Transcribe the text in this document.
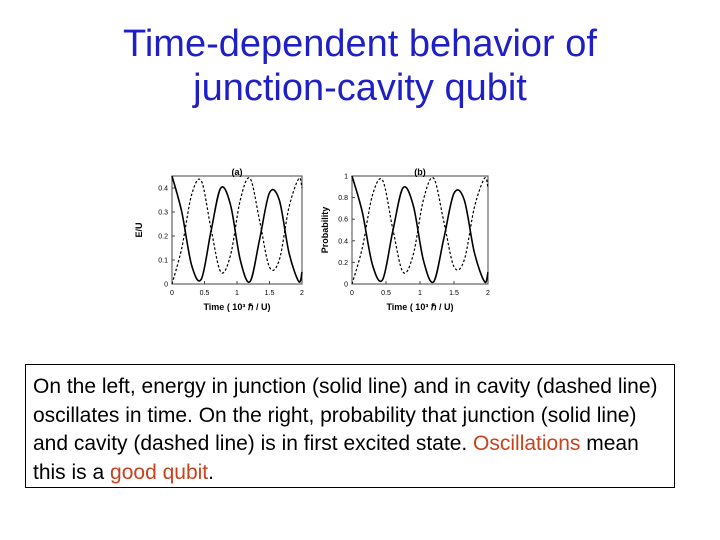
Time-dependent behavior of
junction-cavity qubit
(a)
0	0.5	1	1.5	2
0
0.1
0.2
0.3
0.4
Time ( 10³ ℏ / U)
E/U
(b)
0	0.5	1	1.5	2
0
0.2
0.4
0.6
0.8
1
Time ( 10³ ℏ / U)
Probability
On the left, energy in junction (solid line) and in cavity (dashed line) oscillates in time. On the right, probability that junction (solid line) and cavity (dashed line) is in first excited state. Oscillations mean this is a good qubit.
